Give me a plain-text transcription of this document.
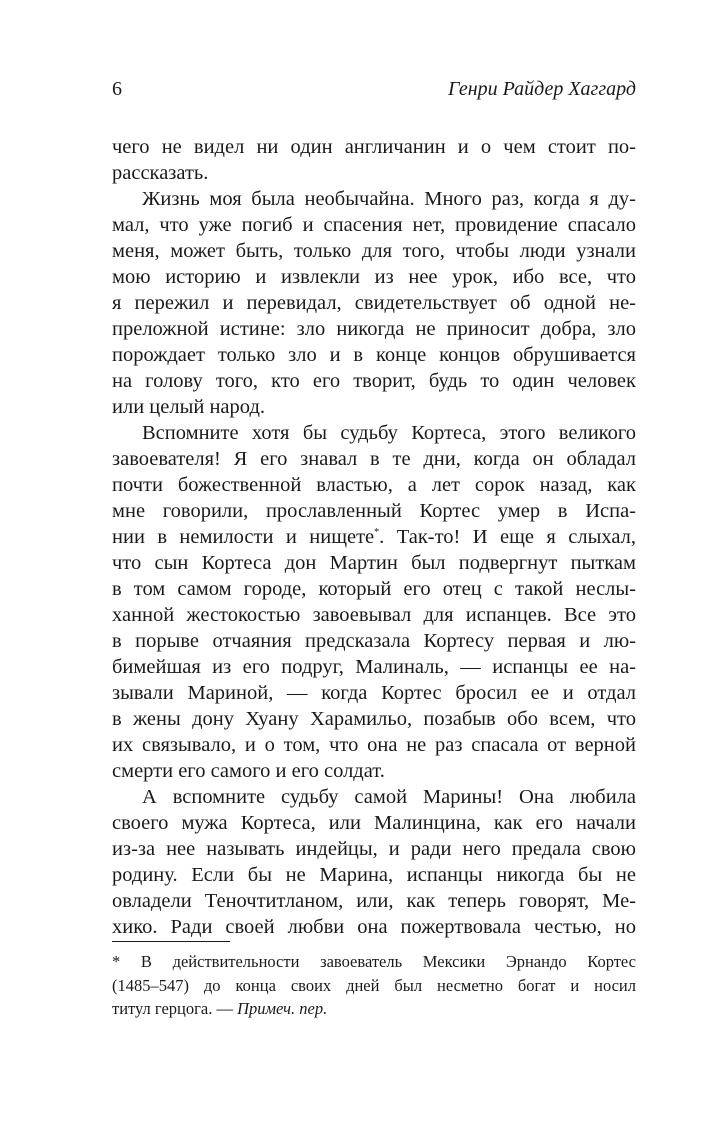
6	Генри Райдер Хаггард
чего не видел ни один англичанин и о чем стоит по-
рассказать.
Жизнь моя была необычайна. Много раз, когда я ду-
мал, что уже погиб и спасения нет, провидение спасало
меня, может быть, только для того, чтобы люди узнали
мою историю и извлекли из нее урок, ибо все, что
я пережил и перевидал, свидетельствует об одной не-
преложной истине: зло никогда не приносит добра, зло
порождает только зло и в конце концов обрушивается
на голову того, кто его творит, будь то один человек
или целый народ.
Вспомните хотя бы судьбу Кортеса, этого великого
завоевателя! Я его знавал в те дни, когда он обладал
почти божественной властью, а лет сорок назад, как
мне говорили, прославленный Кортес умер в Испа-
нии в немилости и нищете*. Так-то! И еще я слыхал,
что сын Кортеса дон Мартин был подвергнут пыткам
в том самом городе, который его отец с такой неслы-
ханной жестокостью завоевывал для испанцев. Все это
в порыве отчаяния предсказала Кортесу первая и лю-
бимейшая из его подруг, Малиналь, — испанцы ее на-
зывали Мариной, — когда Кортес бросил ее и отдал
в жены дону Хуану Харамильо, позабыв обо всем, что
их связывало, и о том, что она не раз спасала от верной
смерти его самого и его солдат.
А вспомните судьбу самой Марины! Она любила
своего мужа Кортеса, или Малинцина, как его начали
из-за нее называть индейцы, и ради него предала свою
родину. Если бы не Марина, испанцы никогда бы не
овладели Теночтитланом, или, как теперь говорят, Ме-
хико. Ради своей любви она пожертвовала честью, но
* В действительности завоеватель Мексики Эрнандо Кортес
(1485–547) до конца своих дней был несметно богат и носил
титул герцога. — Примеч. пер.
